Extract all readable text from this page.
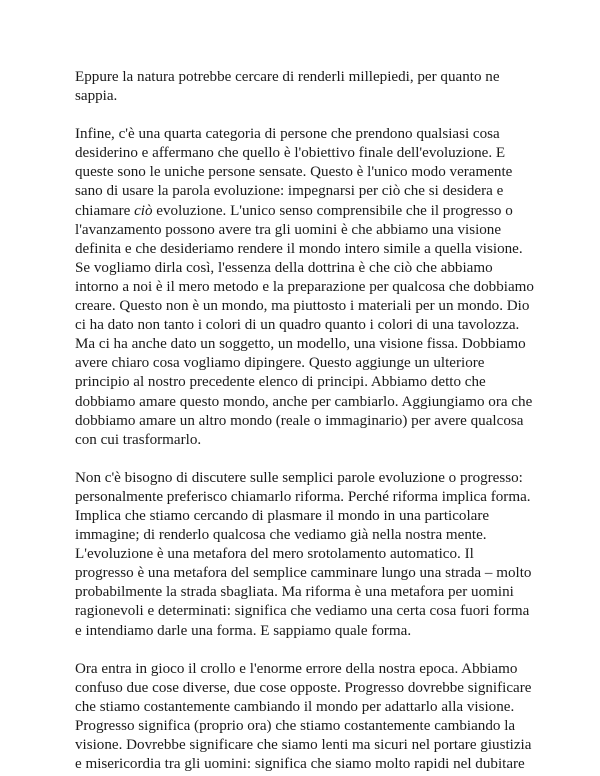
Eppure la natura potrebbe cercare di renderli millepiedi, per quanto ne
sappia.

Infine, c'è una quarta categoria di persone che prendono qualsiasi cosa
desiderino e affermano che quello è l'obiettivo finale dell'evoluzione. E
queste sono le uniche persone sensate. Questo è l'unico modo veramente
sano di usare la parola evoluzione: impegnarsi per ciò che si desidera e
chiamare ciò evoluzione. L'unico senso comprensibile che il progresso o
l'avanzamento possono avere tra gli uomini è che abbiamo una visione
definita e che desideriamo rendere il mondo intero simile a quella visione.
Se vogliamo dirla così, l'essenza della dottrina è che ciò che abbiamo
intorno a noi è il mero metodo e la preparazione per qualcosa che dobbiamo
creare. Questo non è un mondo, ma piuttosto i materiali per un mondo. Dio
ci ha dato non tanto i colori di un quadro quanto i colori di una tavolozza.
Ma ci ha anche dato un soggetto, un modello, una visione fissa. Dobbiamo
avere chiaro cosa vogliamo dipingere. Questo aggiunge un ulteriore
principio al nostro precedente elenco di principi. Abbiamo detto che
dobbiamo amare questo mondo, anche per cambiarlo. Aggiungiamo ora che
dobbiamo amare un altro mondo (reale o immaginario) per avere qualcosa
con cui trasformarlo.

Non c'è bisogno di discutere sulle semplici parole evoluzione o progresso:
personalmente preferisco chiamarlo riforma. Perché riforma implica forma.
Implica che stiamo cercando di plasmare il mondo in una particolare
immagine; di renderlo qualcosa che vediamo già nella nostra mente.
L'evoluzione è una metafora del mero srotolamento automatico. Il
progresso è una metafora del semplice camminare lungo una strada – molto
probabilmente la strada sbagliata. Ma riforma è una metafora per uomini
ragionevoli e determinati: significa che vediamo una certa cosa fuori forma
e intendiamo darle una forma. E sappiamo quale forma.

Ora entra in gioco il crollo e l'enorme errore della nostra epoca. Abbiamo
confuso due cose diverse, due cose opposte. Progresso dovrebbe significare
che stiamo costantemente cambiando il mondo per adattarlo alla visione.
Progresso significa (proprio ora) che stiamo costantemente cambiando la
visione. Dovrebbe significare che siamo lenti ma sicuri nel portare giustizia
e misericordia tra gli uomini: significa che siamo molto rapidi nel dubitare
